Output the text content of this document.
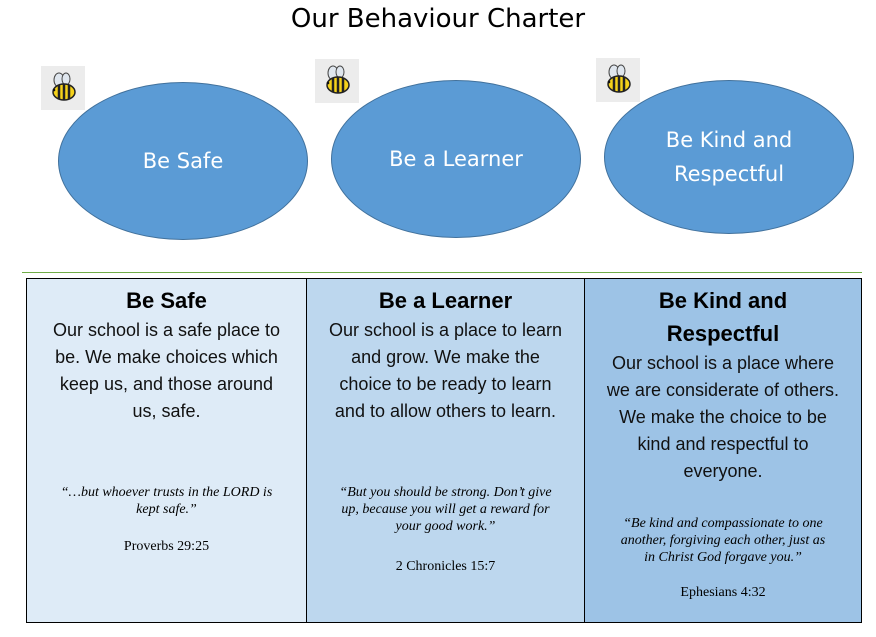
Our Behaviour Charter
Be Safe	Be a Learner
Be Kind and
Respectful
Be Safe
Our school is a safe place to
be. We make choices which
keep us, and those around
us, safe.
“…but whoever trusts in the LORD is
kept safe.”
Proverbs 29:25
Be a Learner
Our school is a place to learn
and grow. We make the
choice to be ready to learn
and to allow others to learn.
“But you should be strong. Don’t give
up, because you will get a reward for
your good work.”
2 Chronicles 15:7
Be Kind and
Respectful
Our school is a place where
we are considerate of others.
We make the choice to be
kind and respectful to
everyone.
“Be kind and compassionate to one
another, forgiving each other, just as
in Christ God forgave you.”
Ephesians 4:32
